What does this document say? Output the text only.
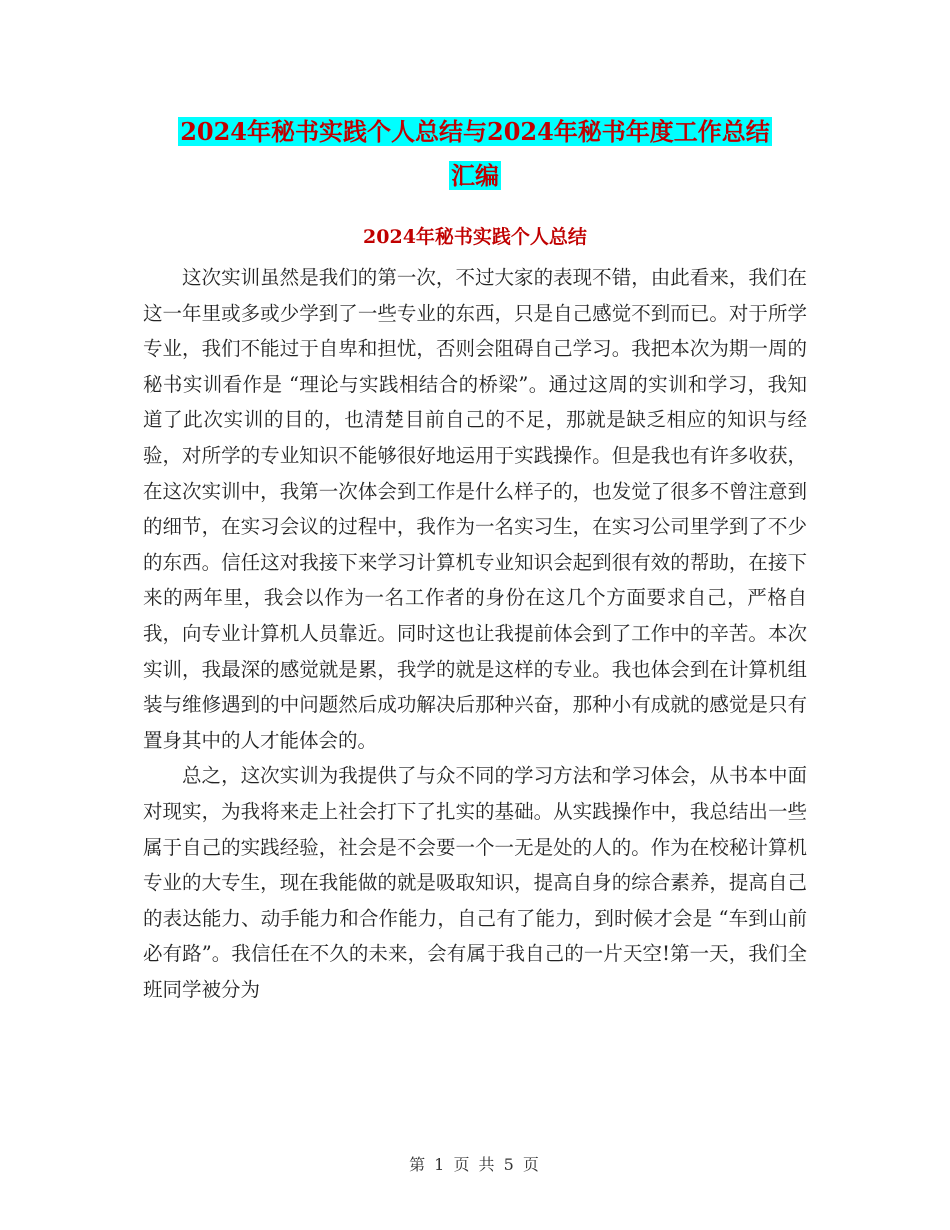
2024年秘书实践个人总结与2024年秘书年度工作总结
汇编
2024年秘书实践个人总结

这次实训虽然是我们的第一次，不过大家的表现不错，由此看来，我们在这一年里或多或少学到了一些专业的东西，只是自己感觉不到而已。对于所学专业，我们不能过于自卑和担忧，否则会阻碍自己学习。我把本次为期一周的秘书实训看作是 “理论与实践相结合的桥梁”。通过这周的实训和学习，我知道了此次实训的目的，也清楚目前自己的不足，那就是缺乏相应的知识与经验，对所学的专业知识不能够很好地运用于实践操作。但是我也有许多收获，在这次实训中，我第一次体会到工作是什么样子的，也发觉了很多不曾注意到的细节，在实习会议的过程中，我作为一名实习生，在实习公司里学到了不少的东西。信任这对我接下来学习计算机专业知识会起到很有效的帮助，在接下来的两年里，我会以作为一名工作者的身份在这几个方面要求自己，严格自我，向专业计算机人员靠近。同时这也让我提前体会到了工作中的辛苦。本次实训，我最深的感觉就是累，我学的就是这样的专业。我也体会到在计算机组装与维修遇到的中问题然后成功解决后那种兴奋，那种小有成就的感觉是只有置身其中的人才能体会的。

总之，这次实训为我提供了与众不同的学习方法和学习体会，从书本中面对现实，为我将来走上社会打下了扎实的基础。从实践操作中，我总结出一些属于自己的实践经验，社会是不会要一个一无是处的人的。作为在校秘计算机专业的大专生，现在我能做的就是吸取知识，提高自身的综合素养，提高自己的表达能力、动手能力和合作能力，自己有了能力，到时候才会是 “车到山前必有路”。我信任在不久的未来，会有属于我自己的一片天空!第一天，我们全班同学被分为

第 1 页 共 5 页
